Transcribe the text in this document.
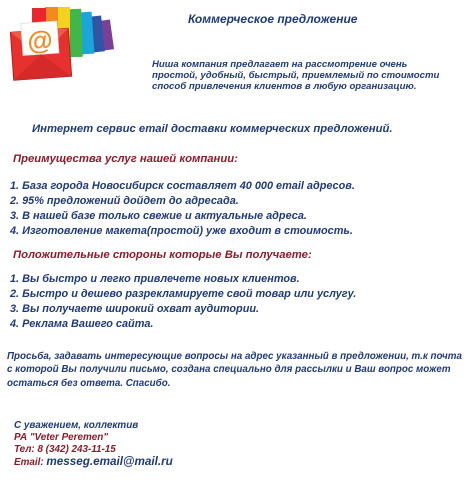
@
Коммерческое предложение
Ниша компания предлагает на рассмотрение очень простой, удобный, быстрый, приемлемый по стоимости способ привлечения клиентов в любую организацию.
Интернет сервис email доставки коммерческих предложений.
Преимущества услуг нашей компании:
1. База города Новосибирск составляет 40 000 email адресов.
2. 95% предложений дойдет до адресада.
3. В нашей базе только свежие и актуальные адреса.
4. Изготовление макета(простой) уже входит в стоимость.
Положительные стороны которые Вы получаете:
1. Вы быстро и легко привлечете новых клиентов.
2. Быстро и дешево разрекламируете свой товар или услугу.
3. Вы получаете широкий охват аудитории.
4. Реклама Вашего сайта.
Просьба, задавать интересующие вопросы на адрес указанный в предложении, т.к почта с которой Вы получили письмо, создана специально для рассылки и Ваш вопрос может остаться без ответа. Спасибо.
С уважением, коллектив
РА "Veter Peremen"
Тел: 8 (342) 243-11-15
Email: messeg.email@mail.ru
